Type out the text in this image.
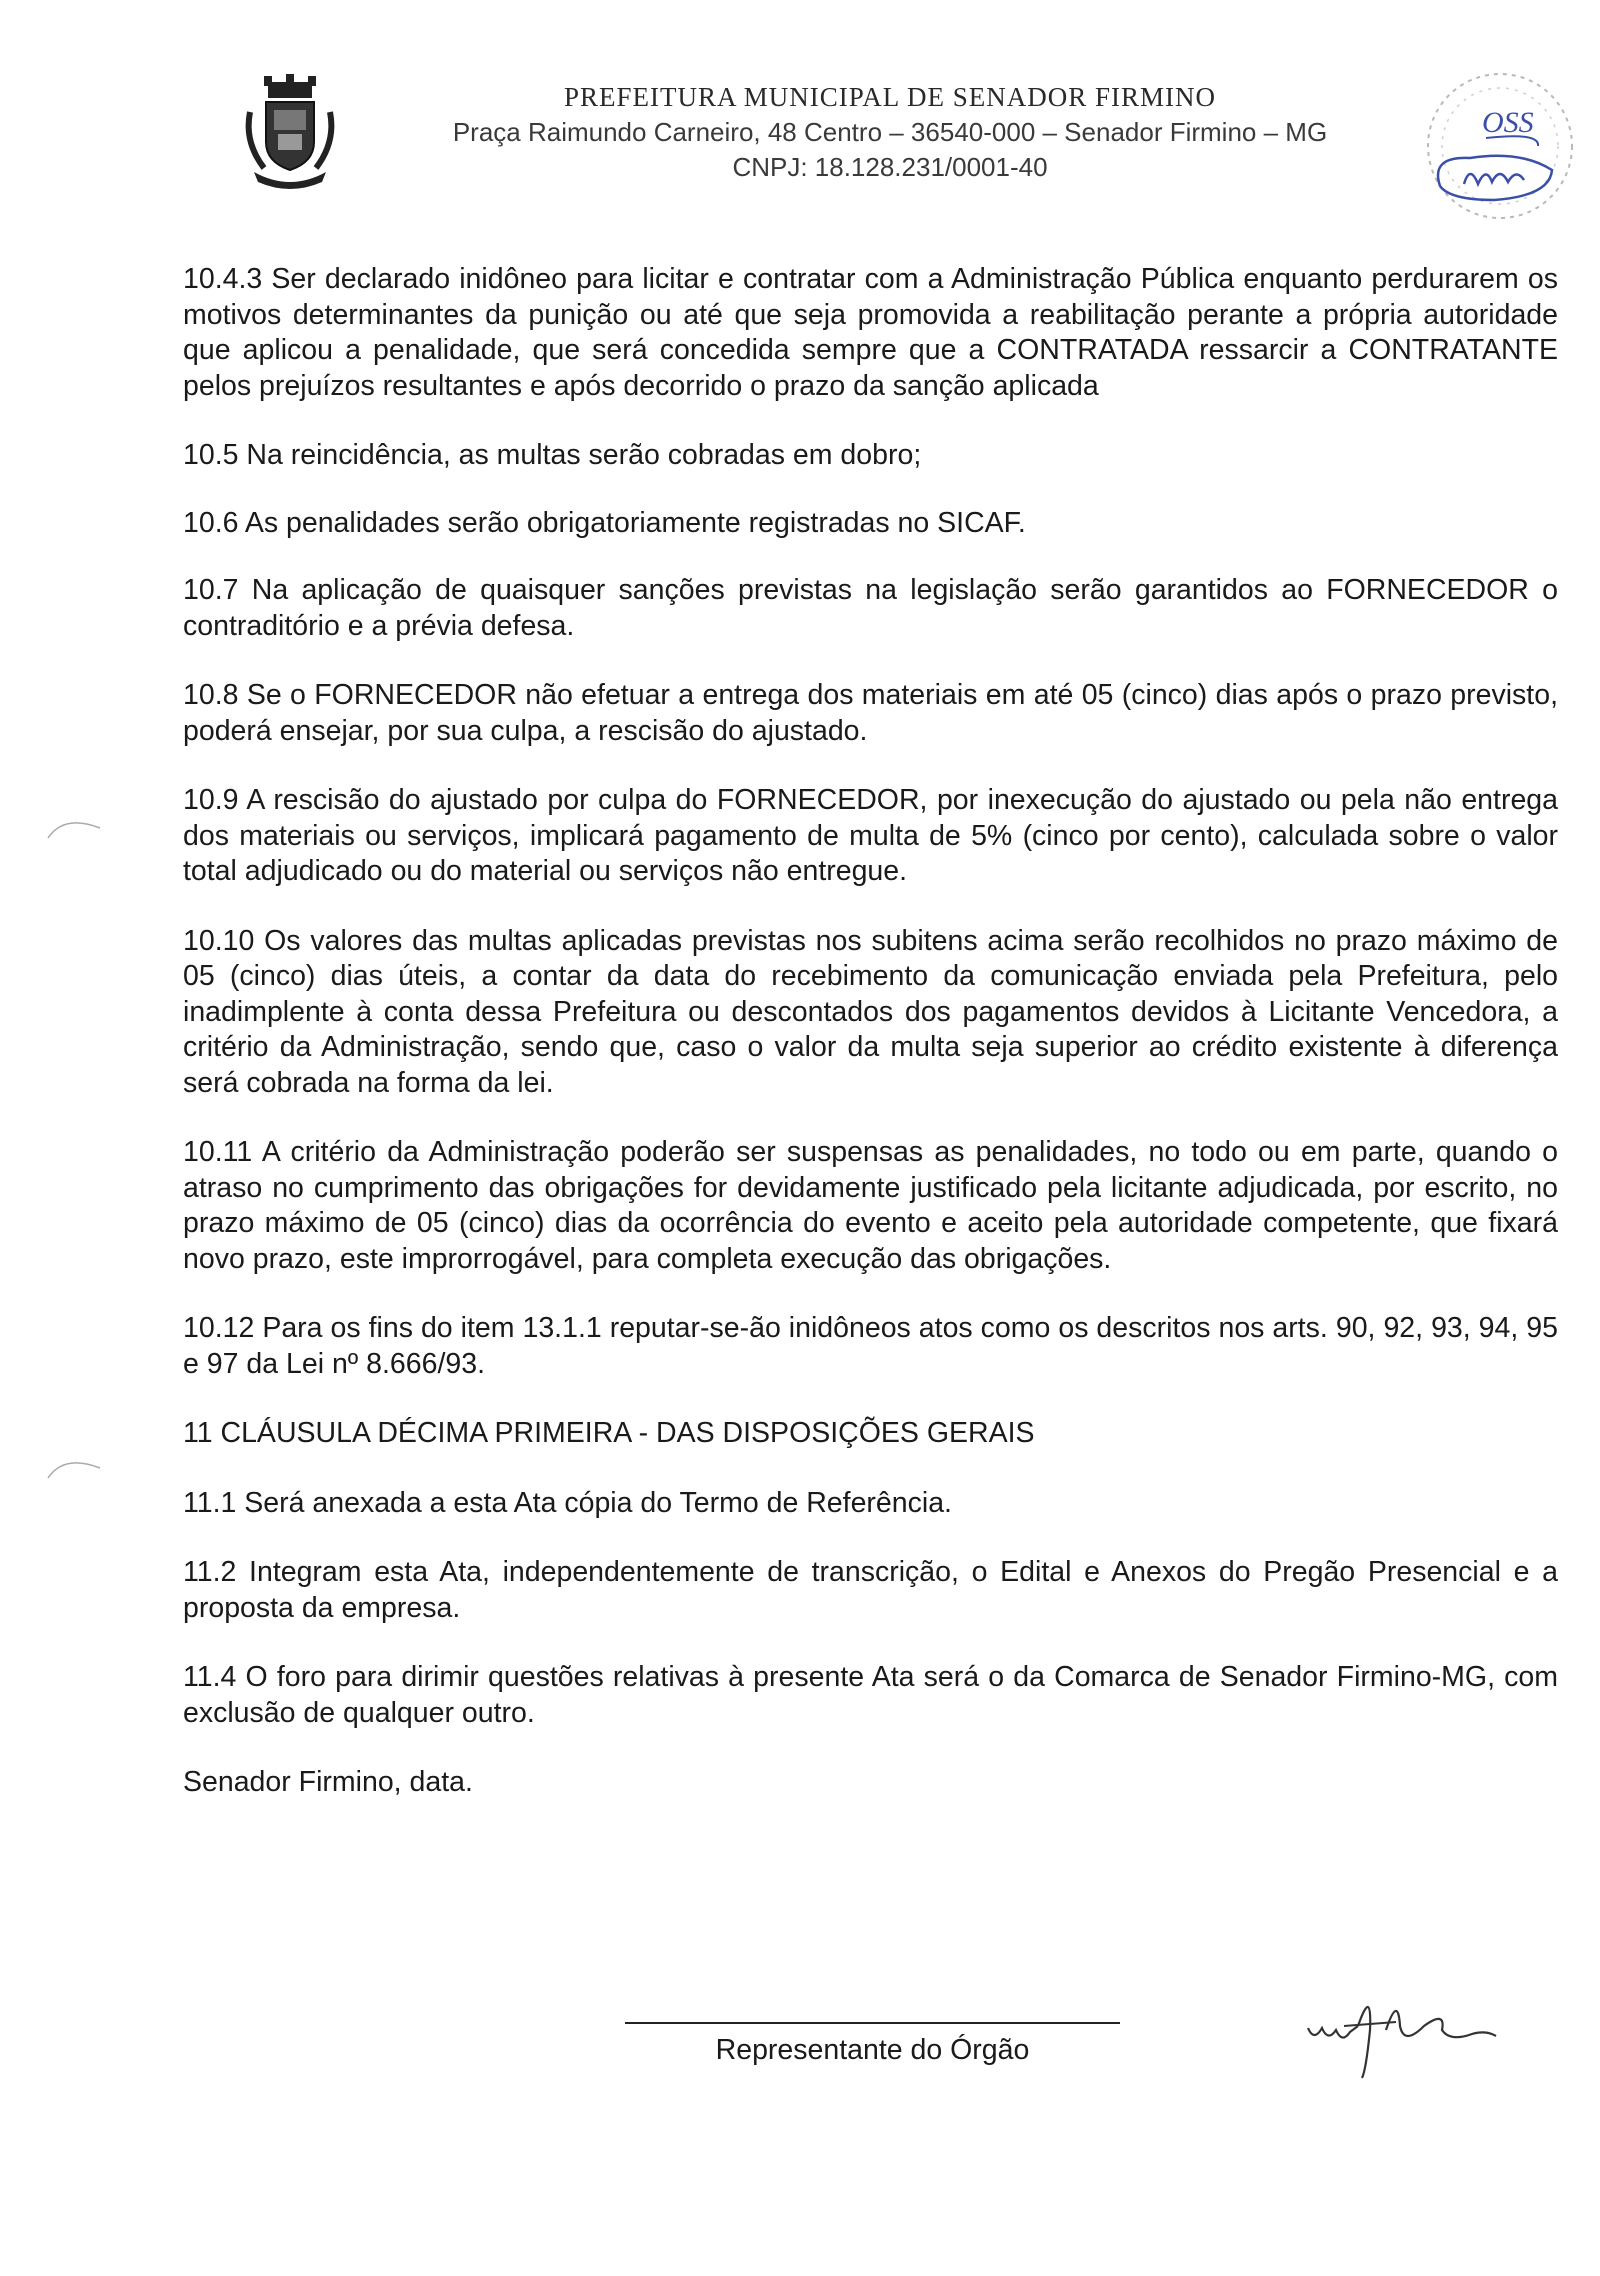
PREFEITURA MUNICIPAL DE SENADOR FIRMINO
Praça Raimundo Carneiro, 48 Centro – 36540-000 – Senador Firmino – MG
CNPJ: 18.128.231/0001-40
OSS

10.4.3 Ser declarado inidôneo para licitar e contratar com a Administração Pública enquanto perdurarem os motivos determinantes da punição ou até que seja promovida a reabilitação perante a própria autoridade que aplicou a penalidade, que será concedida sempre que a CONTRATADA ressarcir a CONTRATANTE pelos prejuízos resultantes e após decorrido o prazo da sanção aplicada

10.5 Na reincidência, as multas serão cobradas em dobro;

10.6 As penalidades serão obrigatoriamente registradas no SICAF.

10.7 Na aplicação de quaisquer sanções previstas na legislação serão garantidos ao FORNECEDOR o contraditório e a prévia defesa.

10.8 Se o FORNECEDOR não efetuar a entrega dos materiais em até 05 (cinco) dias após o prazo previsto, poderá ensejar, por sua culpa, a rescisão do ajustado.

10.9 A rescisão do ajustado por culpa do FORNECEDOR, por inexecução do ajustado ou pela não entrega dos materiais ou serviços, implicará pagamento de multa de 5% (cinco por cento), calculada sobre o valor total adjudicado ou do material ou serviços não entregue.

10.10 Os valores das multas aplicadas previstas nos subitens acima serão recolhidos no prazo máximo de 05 (cinco) dias úteis, a contar da data do recebimento da comunicação enviada pela Prefeitura, pelo inadimplente à conta dessa Prefeitura ou descontados dos pagamentos devidos à Licitante Vencedora, a critério da Administração, sendo que, caso o valor da multa seja superior ao crédito existente à diferença será cobrada na forma da lei.

10.11 A critério da Administração poderão ser suspensas as penalidades, no todo ou em parte, quando o atraso no cumprimento das obrigações for devidamente justificado pela licitante adjudicada, por escrito, no prazo máximo de 05 (cinco) dias da ocorrência do evento e aceito pela autoridade competente, que fixará novo prazo, este improrrogável, para completa execução das obrigações.

10.12 Para os fins do item 13.1.1 reputar-se-ão inidôneos atos como os descritos nos arts. 90, 92, 93, 94, 95 e 97 da Lei nº 8.666/93.

11 CLÁUSULA DÉCIMA PRIMEIRA - DAS DISPOSIÇÕES GERAIS

11.1 Será anexada a esta Ata cópia do Termo de Referência.

11.2 Integram esta Ata, independentemente de transcrição, o Edital e Anexos do Pregão Presencial e a proposta da empresa.

11.4 O foro para dirimir questões relativas à presente Ata será o da Comarca de Senador Firmino-MG, com exclusão de qualquer outro.

Senador Firmino, data.

Representante do Órgão
